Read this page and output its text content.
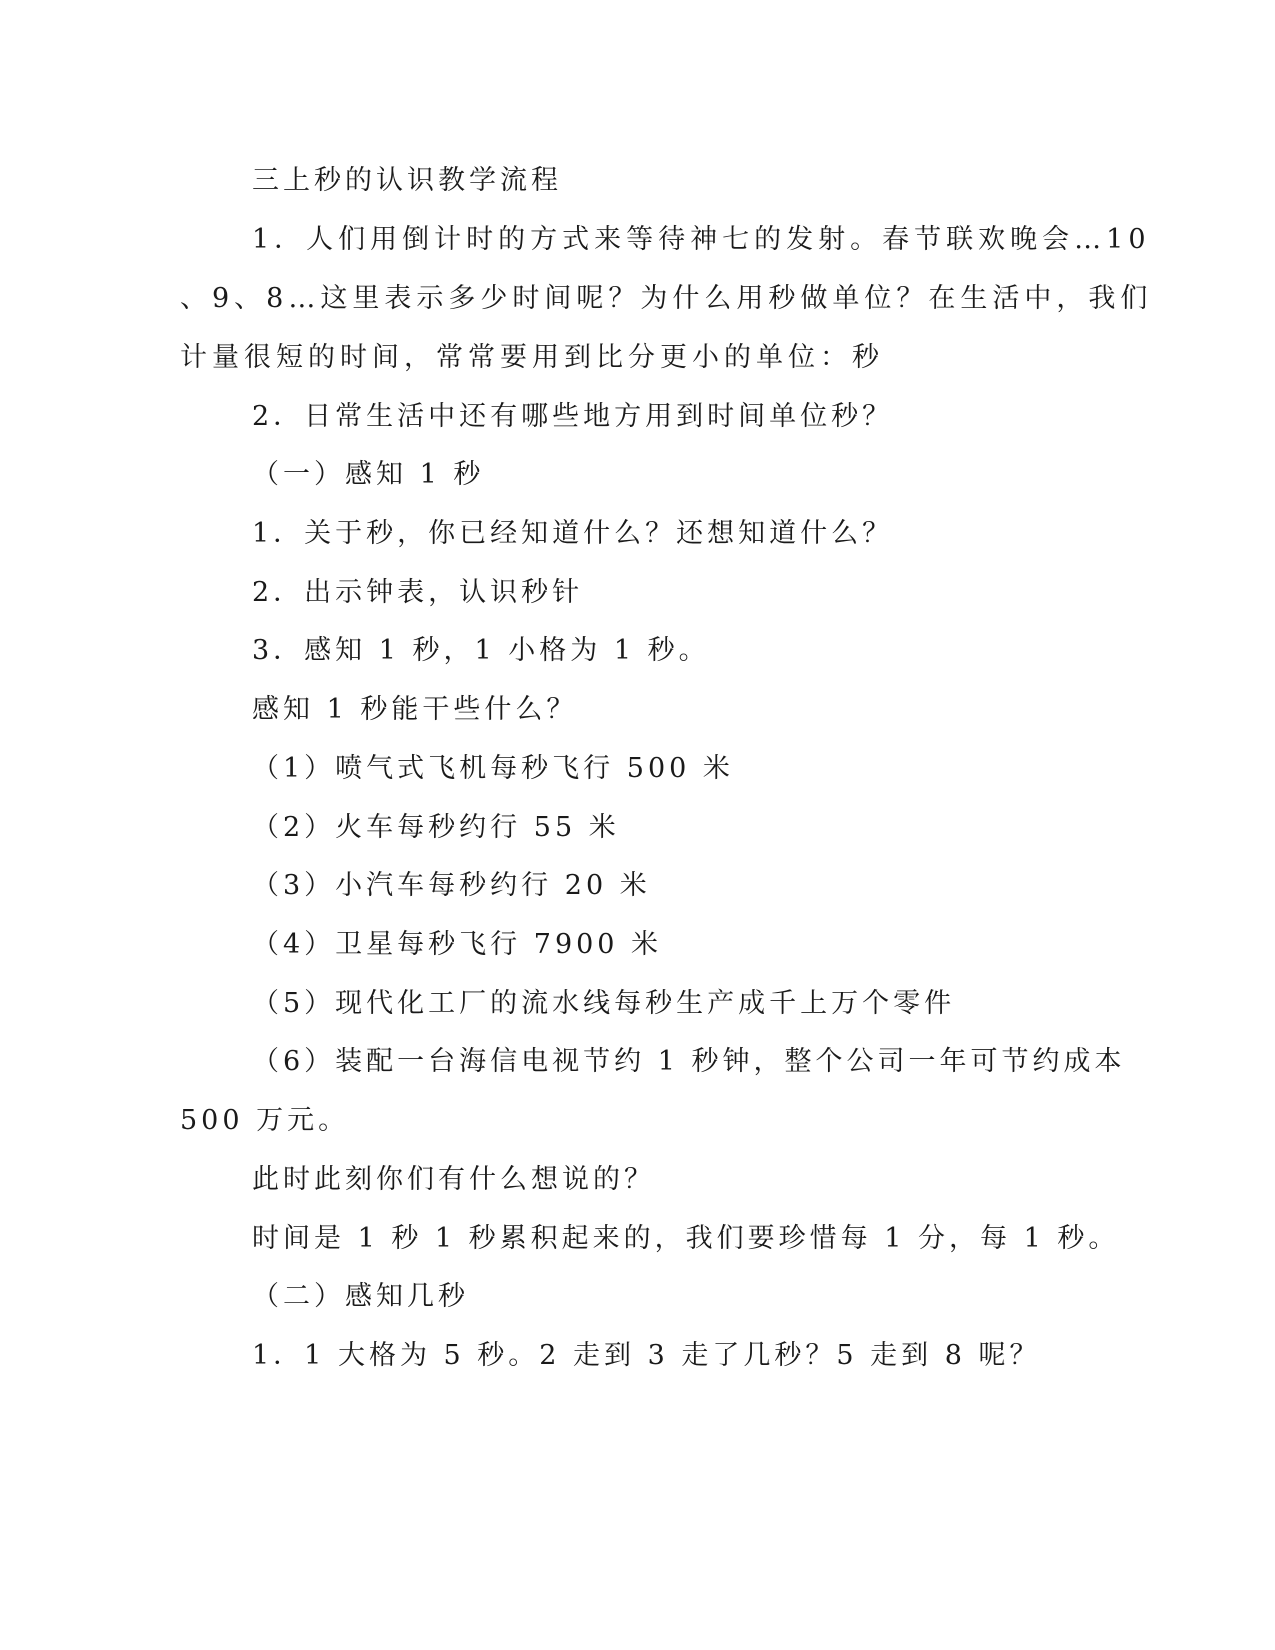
三上秒的认识教学流程
1．人们用倒计时的方式来等待神七的发射。春节联欢晚会…10
、9、8…这里表示多少时间呢？为什么用秒做单位？在生活中，我们
计量很短的时间，常常要用到比分更小的单位：秒
2．日常生活中还有哪些地方用到时间单位秒？
（一）感知 1 秒
1．关于秒，你已经知道什么？还想知道什么？
2．出示钟表，认识秒针
3．感知 1 秒，1 小格为 1 秒。
感知 1 秒能干些什么？
（1）喷气式飞机每秒飞行 500 米
（2）火车每秒约行 55 米
（3）小汽车每秒约行 20 米
（4）卫星每秒飞行 7900 米
（5）现代化工厂的流水线每秒生产成千上万个零件
（6）装配一台海信电视节约 1 秒钟，整个公司一年可节约成本
500 万元。
此时此刻你们有什么想说的？
时间是 1 秒 1 秒累积起来的，我们要珍惜每 1 分，每 1 秒。
（二）感知几秒
1．1 大格为 5 秒。2 走到 3 走了几秒？5 走到 8 呢？
